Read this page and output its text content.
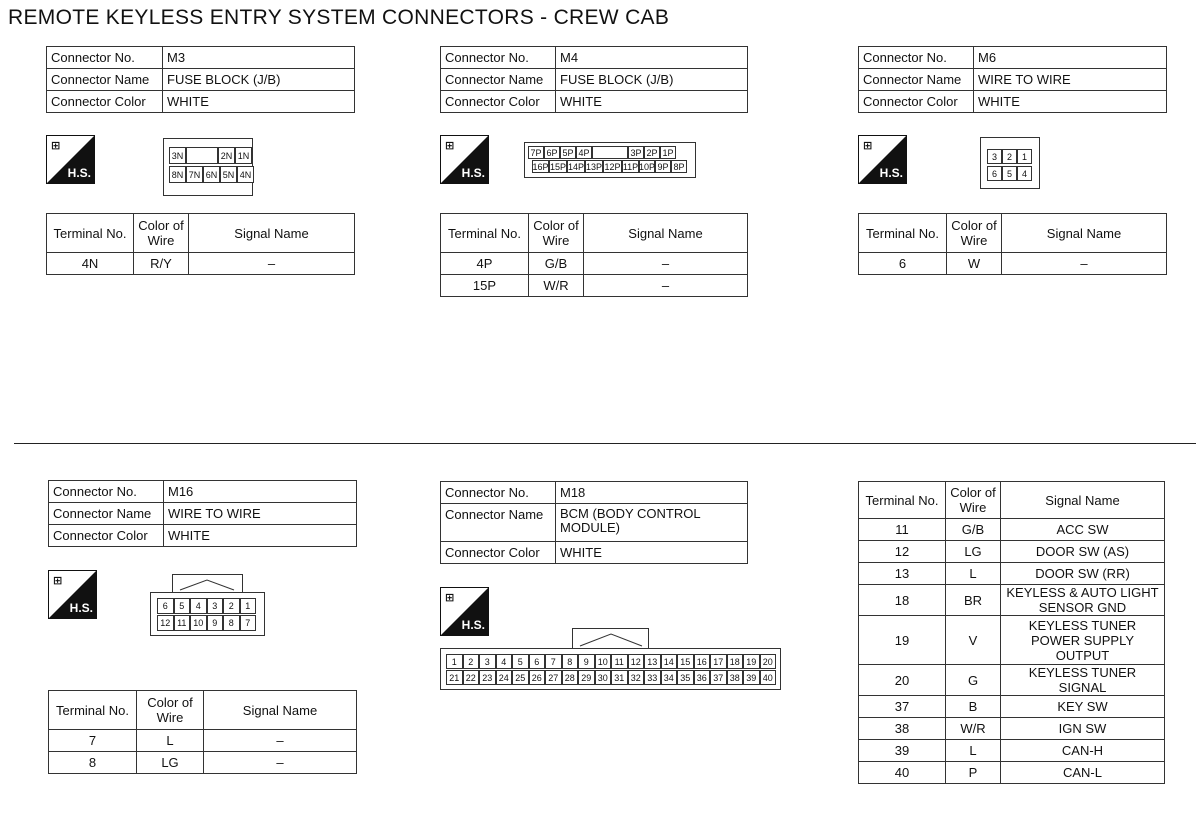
REMOTE KEYLESS ENTRY SYSTEM CONNECTORS - CREW CAB
Connector No.	M3
Connector Name	FUSE BLOCK (J/B)
Connector Color	WHITE
⊞
H.S.
3N	2N 1N
8N 7N 6N 5N 4N
Terminal No.	Color of Wire	Signal Name
4N	R/Y	–
Connector No.	M4
Connector Name	FUSE BLOCK (J/B)
Connector Color	WHITE
⊞
H.S.
7P 6P 5P 4P	3P 2P 1P
16P 15P 14P 13P 12P 11P 10P 9P 8P
Terminal No.	Color of Wire	Signal Name
4P	G/B	–
15P	W/R	–
Connector No.	M6
Connector Name	WIRE TO WIRE
Connector Color	WHITE
⊞
H.S.
3	2	1
6	5	4
Terminal No.	Color of Wire	Signal Name
6	W	–
Connector No.	M16
Connector Name	WIRE TO WIRE
Connector Color	WHITE
⊞
H.S.	6	5	4	3	2	1
12 11 10 9	8	7
Terminal No.	Color of Wire	Signal Name
7	L	–
8	LG	–
Connector No.	M18
Connector Name	BCM (BODY CONTROL MODULE)
Connector Color	WHITE
⊞
H.S.
1	2	3	4	5	6	7	8	9 10 11 12 13 14 15 16 17 18 19 20
21 22 23 24 25 26 27 28 29 30 31 32 33 34 35 36 37 38 39 40
Terminal No.	Color of Wire	Signal Name
11	G/B	ACC SW
12	LG	DOOR SW (AS)
13	L	DOOR SW (RR)
18	BR	KEYLESS & AUTO LIGHT SENSOR GND
19	V	KEYLESS TUNER POWER SUPPLY OUTPUT
20	G	KEYLESS TUNER SIGNAL
37	B	KEY SW
38	W/R	IGN SW
39	L	CAN-H
40	P	CAN-L
